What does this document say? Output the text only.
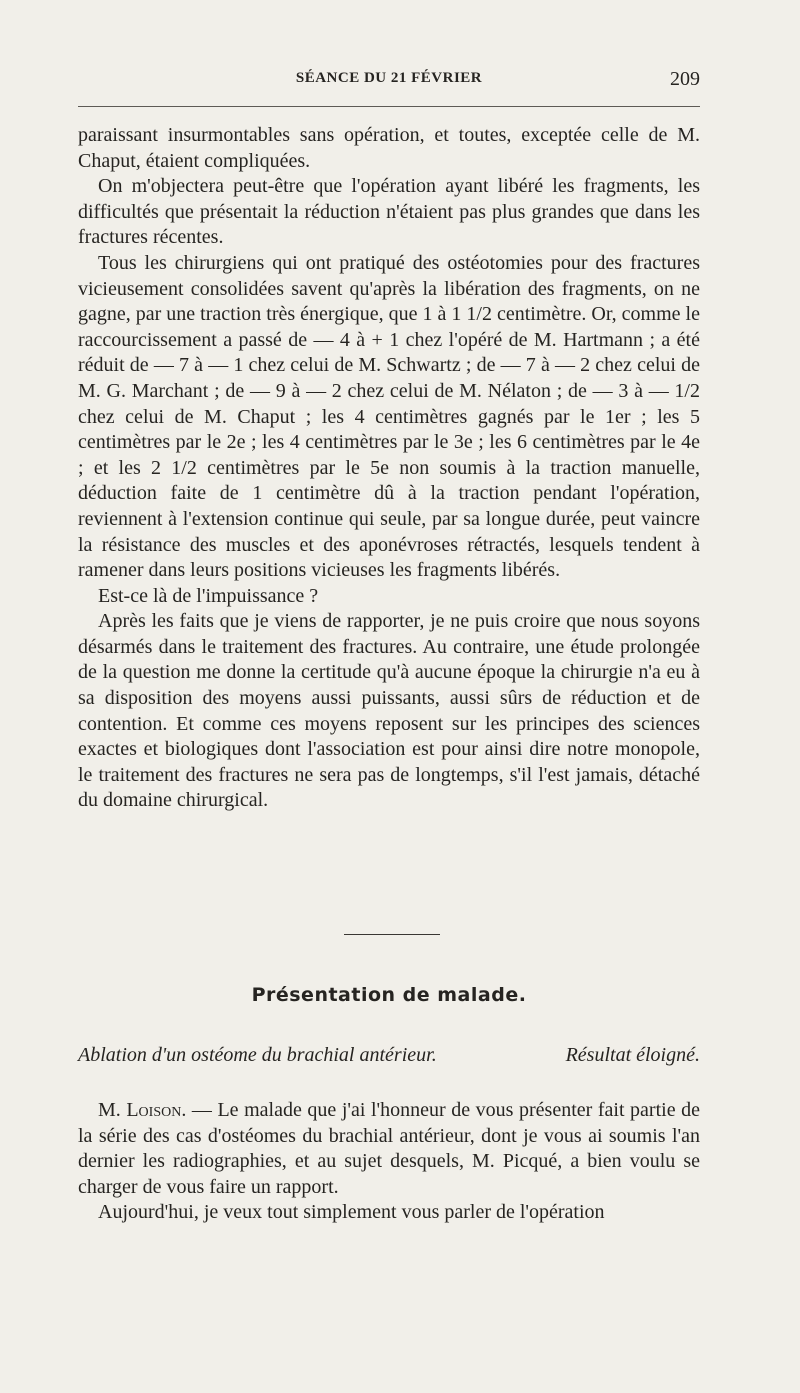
SÉANCE DU 21 FÉVRIER	209

paraissant insurmontables sans opération, et toutes, exceptée celle de M. Chaput, étaient compliquées.

On m'objectera peut-être que l'opération ayant libéré les fragments, les difficultés que présentait la réduction n'étaient pas plus grandes que dans les fractures récentes.

Tous les chirurgiens qui ont pratiqué des ostéotomies pour des fractures vicieusement consolidées savent qu'après la libération des fragments, on ne gagne, par une traction très énergique, que 1 à 1 1/2 centimètre. Or, comme le raccourcissement a passé de — 4 à + 1 chez l'opéré de M. Hartmann ; a été réduit de — 7 à — 1 chez celui de M. Schwartz ; de — 7 à — 2 chez celui de M. G. Marchant ; de — 9 à — 2 chez celui de M. Nélaton ; de — 3 à — 1/2 chez celui de M. Chaput ; les 4 centimètres gagnés par le 1er ; les 5 centimètres par le 2e ; les 4 centimètres par le 3e ; les 6 centimètres par le 4e ; et les 2 1/2 centimètres par le 5e non soumis à la traction manuelle, déduction faite de 1 centimètre dû à la traction pendant l'opération, reviennent à l'extension continue qui seule, par sa longue durée, peut vaincre la résistance des muscles et des aponévroses rétractés, lesquels tendent à ramener dans leurs positions vicieuses les fragments libérés.

Est-ce là de l'impuissance ?

Après les faits que je viens de rapporter, je ne puis croire que nous soyons désarmés dans le traitement des fractures. Au contraire, une étude prolongée de la question me donne la certitude qu'à aucune époque la chirurgie n'a eu à sa disposition des moyens aussi puissants, aussi sûrs de réduction et de contention. Et comme ces moyens reposent sur les principes des sciences exactes et biologiques dont l'association est pour ainsi dire notre monopole, le traitement des fractures ne sera pas de longtemps, s'il l'est jamais, détaché du domaine chirurgical.

Présentation de malade.
Ablation d'un ostéome du brachial antérieur.	Résultat éloigné.

M. Loison. — Le malade que j'ai l'honneur de vous présenter fait partie de la série des cas d'ostéomes du brachial antérieur, dont je vous ai soumis l'an dernier les radiographies, et au sujet desquels, M. Picqué, a bien voulu se charger de vous faire un rapport.

Aujourd'hui, je veux tout simplement vous parler de l'opération
